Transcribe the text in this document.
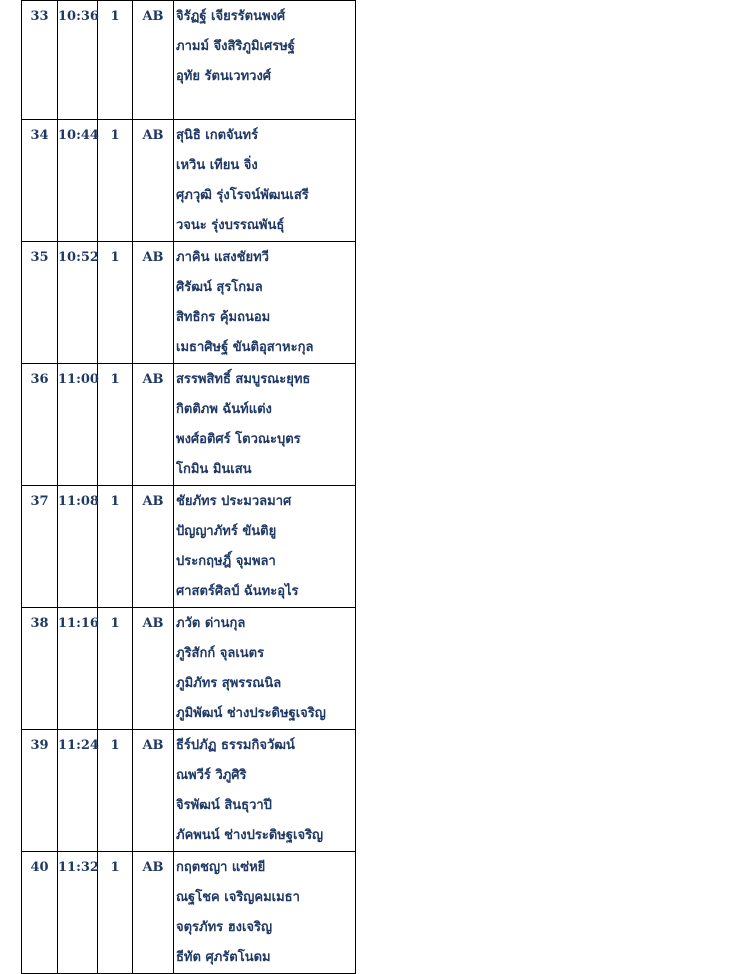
33	10:36	1	AB	จิรัฏฐ์ เจียรรัตนพงศ์
ภามม์ จึงสิริภูมิเศรษฐ์
อุทัย รัตนเวทวงศ์

34	10:44	1	AB	สุนิธิ เกตจันทร์
เหวิน เทียน จิ่ง
ศุภวุฒิ รุ่งโรจน์พัฒนเสรี
วจนะ รุ่งบรรณพันธุ์

35	10:52	1	AB	ภาคิน แสงชัยทวี
ศิรัฒน์ สุรโกมล
สิทธิกร คุ้มถนอม
เมธาศิษฐ์ ขันติอุสาหะกุล

36	11:00	1	AB	สรรพสิทธิ์ สมบูรณะยุทธ
กิตติภพ ฉันท์แต่ง
พงศ์อติศร์ โตวณะบุตร
โกมิน มินเสน

37	11:08	1	AB	ชัยภัทร ประมวลมาศ
ปัญญาภัทร์ ขันติยู
ประกฤษฎิ์ จุมพลา
ศาสตร์ศิลป์ ฉันทะอุไร

38	11:16	1	AB	ภวัต ด่านกุล
ภูริสักก์ จุลเนตร
ภูมิภัทร สุพรรณนิล
ภูมิพัฒน์ ช่างประดิษฐเจริญ

39	11:24	1	AB	ธีร์ปภัฏ ธรรมกิจวัฒน์
ณพวีร์ วิภูศิริ
จิรพัฒน์ สินธุวาปี
ภัคพนน์ ช่างประดิษฐเจริญ

40	11:32	1	AB	กฤตชญา แซ่หยี
ณฐโชค เจริญคมเมธา
จตุรภัทร ฮงเจริญ
ธีทัต ศุภรัตโนดม
